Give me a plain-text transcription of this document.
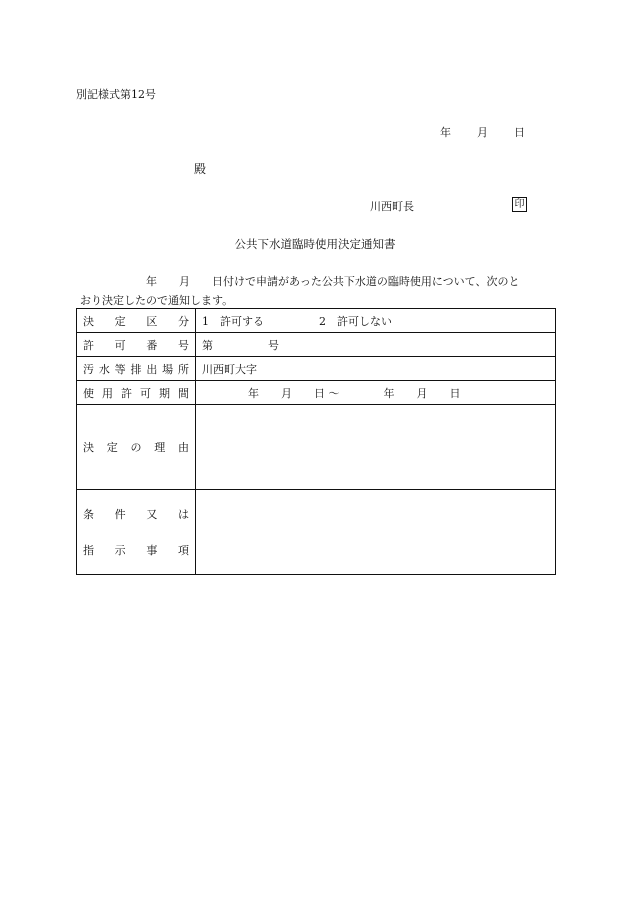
別記様式第12号
年 月 日
殿
川西町長	印
公共下水道臨時使用決定通知書
年　　月　　日付けで申請があった公共下水道の臨時使用について、次のと
おり決定したので通知します。
決定区分	1　許可する　　　　　2　許可しない
許可番号	第　　　　　号
汚水等排出場所	川西町大字
使用許可期間	年　　月　　日 ～　　　　年　　月　　日
決定の理由	

条件又は
指示事項	
